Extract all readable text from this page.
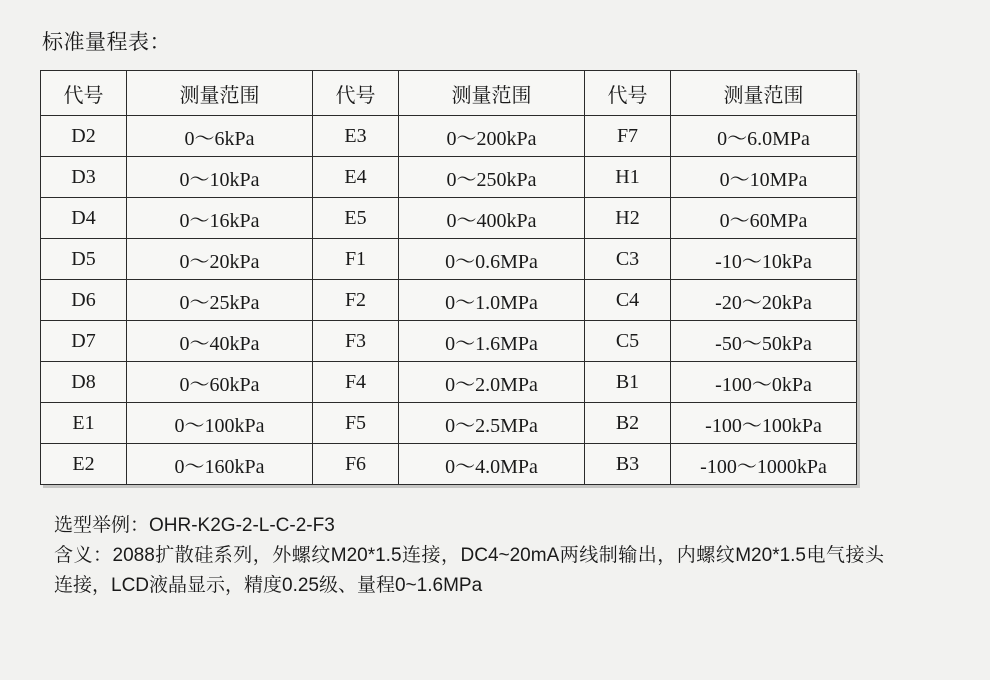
标准量程表：
代号	测量范围	代号	测量范围	代号	测量范围
D2	0～6kPa	E3	0～200kPa	F7	0～6.0MPa
D3	0～10kPa	E4	0～250kPa	H1	0～10MPa
D4	0～16kPa	E5	0～400kPa	H2	0～60MPa
D5	0～20kPa	F1	0～0.6MPa	C3	-10～10kPa
D6	0～25kPa	F2	0～1.0MPa	C4	-20～20kPa
D7	0～40kPa	F3	0～1.6MPa	C5	-50～50kPa
D8	0～60kPa	F4	0～2.0MPa	B1	-100～0kPa
E1	0～100kPa	F5	0～2.5MPa	B2	-100～100kPa
E2	0～160kPa	F6	0～4.0MPa	B3	-100～1000kPa
选型举例：OHR-K2G-2-L-C-2-F3
含义：2088扩散硅系列，外螺纹M20*1.5连接，DC4~20mA两线制输出，内螺纹M20*1.5电气接头连接，LCD液晶显示，精度0.25级、量程0~1.6MPa
